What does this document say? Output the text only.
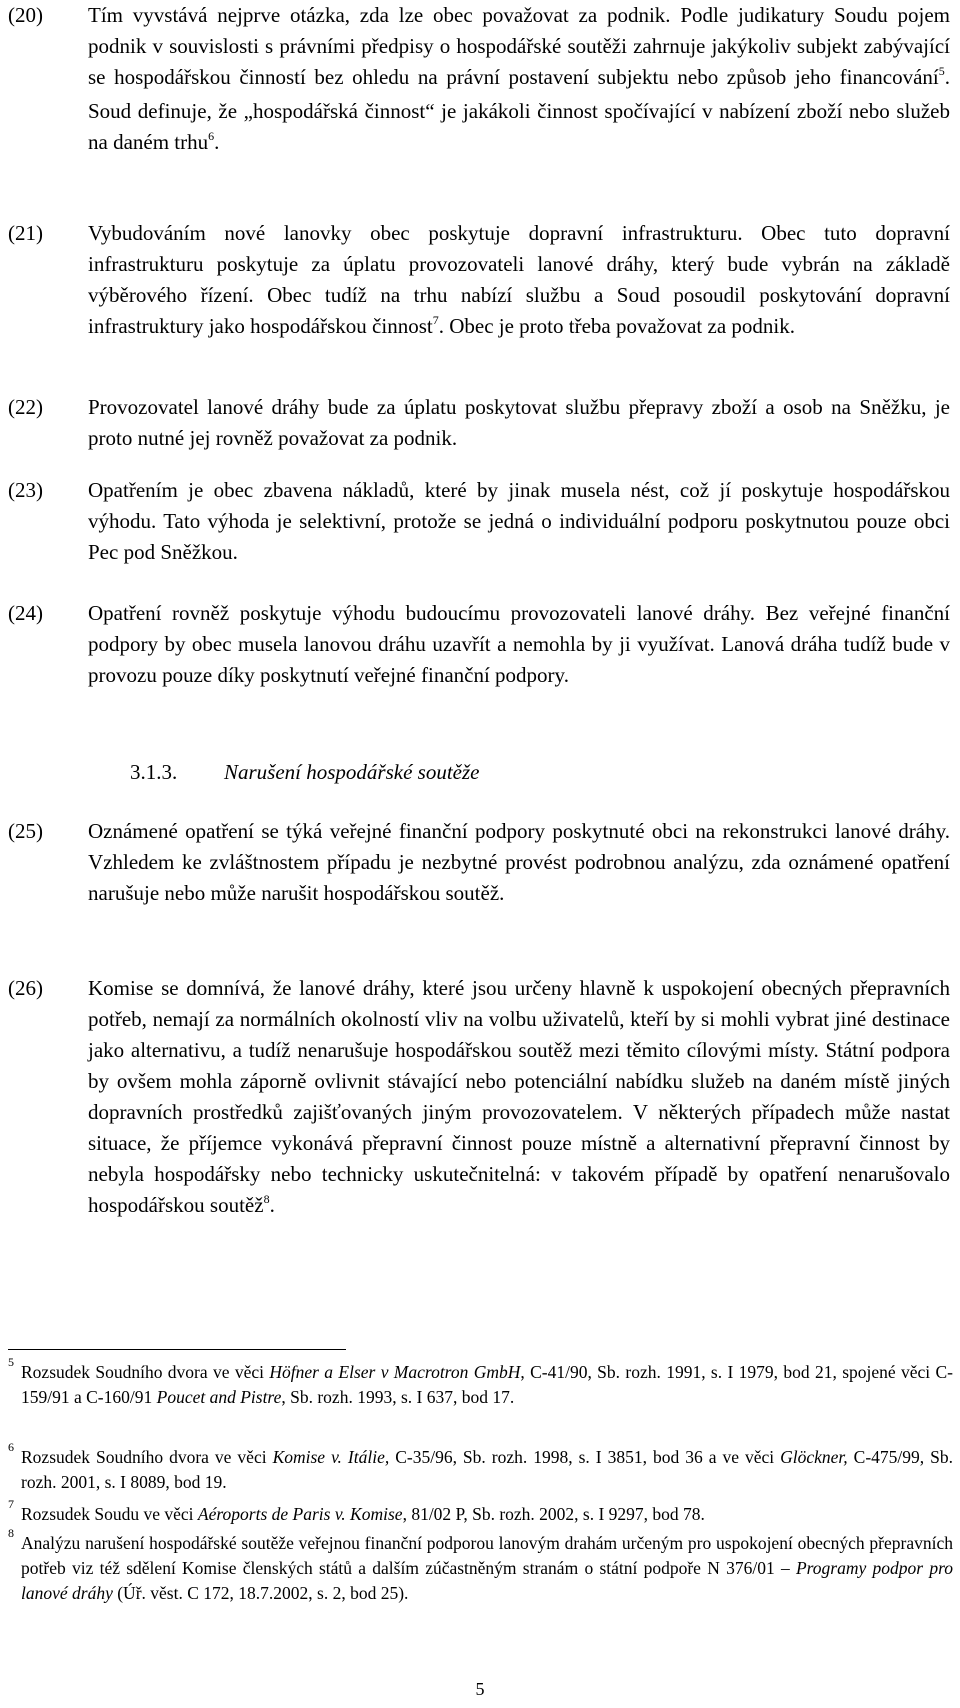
(20) Tím vyvstává nejprve otázka, zda lze obec považovat za podnik. Podle judikatury Soudu pojem podnik v souvislosti s právními předpisy o hospodářské soutěži zahrnuje jakýkoliv subjekt zabývající se hospodářskou činností bez ohledu na právní postavení subjektu nebo způsob jeho financování$^5$. Soud definuje, že „hospodářská činnost“ je jakákoli činnost spočívající v nabízení zboží nebo služeb na daném trhu$^6$.
(21) Vybudováním nové lanovky obec poskytuje dopravní infrastrukturu. Obec tuto dopravní infrastrukturu poskytuje za úplatu provozovateli lanové dráhy, který bude vybrán na základě výběrového řízení. Obec tudíž na trhu nabízí službu a Soud posoudil poskytování dopravní infrastruktury jako hospodářskou činnost$^7$. Obec je proto třeba považovat za podnik.
(22) Provozovatel lanové dráhy bude za úplatu poskytovat službu přepravy zboží a osob na Sněžku, je proto nutné jej rovněž považovat za podnik.
(23) Opatřením je obec zbavena nákladů, které by jinak musela nést, což jí poskytuje hospodářskou výhodu. Tato výhoda je selektivní, protože se jedná o individuální podporu poskytnutou pouze obci Pec pod Sněžkou.
(24) Opatření rovněž poskytuje výhodu budoucímu provozovateli lanové dráhy. Bez veřejné finanční podpory by obec musela lanovou dráhu uzavřít a nemohla by ji využívat. Lanová dráha tudíž bude v provozu pouze díky poskytnutí veřejné finanční podpory.
3.1.3. Narušení hospodářské soutěže
(25) Oznámené opatření se týká veřejné finanční podpory poskytnuté obci na rekonstrukci lanové dráhy. Vzhledem ke zvláštnostem případu je nezbytné provést podrobnou analýzu, zda oznámené opatření narušuje nebo může narušit hospodářskou soutěž.
(26) Komise se domnívá, že lanové dráhy, které jsou určeny hlavně k uspokojení obecných přepravních potřeb, nemají za normálních okolností vliv na volbu uživatelů, kteří by si mohli vybrat jiné destinace jako alternativu, a tudíž nenarušuje hospodářskou soutěž mezi těmito cílovými místy. Státní podpora by ovšem mohla záporně ovlivnit stávající nebo potenciální nabídku služeb na daném místě jiných dopravních prostředků zajišťovaných jiným provozovatelem. V některých případech může nastat situace, že příjemce vykonává přepravní činnost pouze místně a alternativní přepravní činnost by nebyla hospodářsky nebo technicky uskutečnitelná: v takovém případě by opatření nenarušovalo hospodářskou soutěž$^8$.
5 Rozsudek Soudního dvora ve věci Höfner a Elser v Macrotron GmbH, C-41/90, Sb. rozh. 1991, s. I 1979, bod 21, spojené věci C-159/91 a C-160/91 Poucet and Pistre, Sb. rozh. 1993, s. I 637, bod 17.
6 Rozsudek Soudního dvora ve věci Komise v. Itálie, C-35/96, Sb. rozh. 1998, s. I 3851, bod 36 a ve věci Glöckner, C-475/99, Sb. rozh. 2001, s. I 8089, bod 19.
7 Rozsudek Soudu ve věci Aéroports de Paris v. Komise, 81/02 P, Sb. rozh. 2002, s. I 9297, bod 78.
8 Analýzu narušení hospodářské soutěže veřejnou finanční podporou lanovým drahám určeným pro uspokojení obecných přepravních potřeb viz též sdělení Komise členských států a dalším zúčastněným stranám o státní podpoře N 376/01 – Programy podpor pro lanové dráhy (Úř. věst. C 172, 18.7.2002, s. 2, bod 25).
5
